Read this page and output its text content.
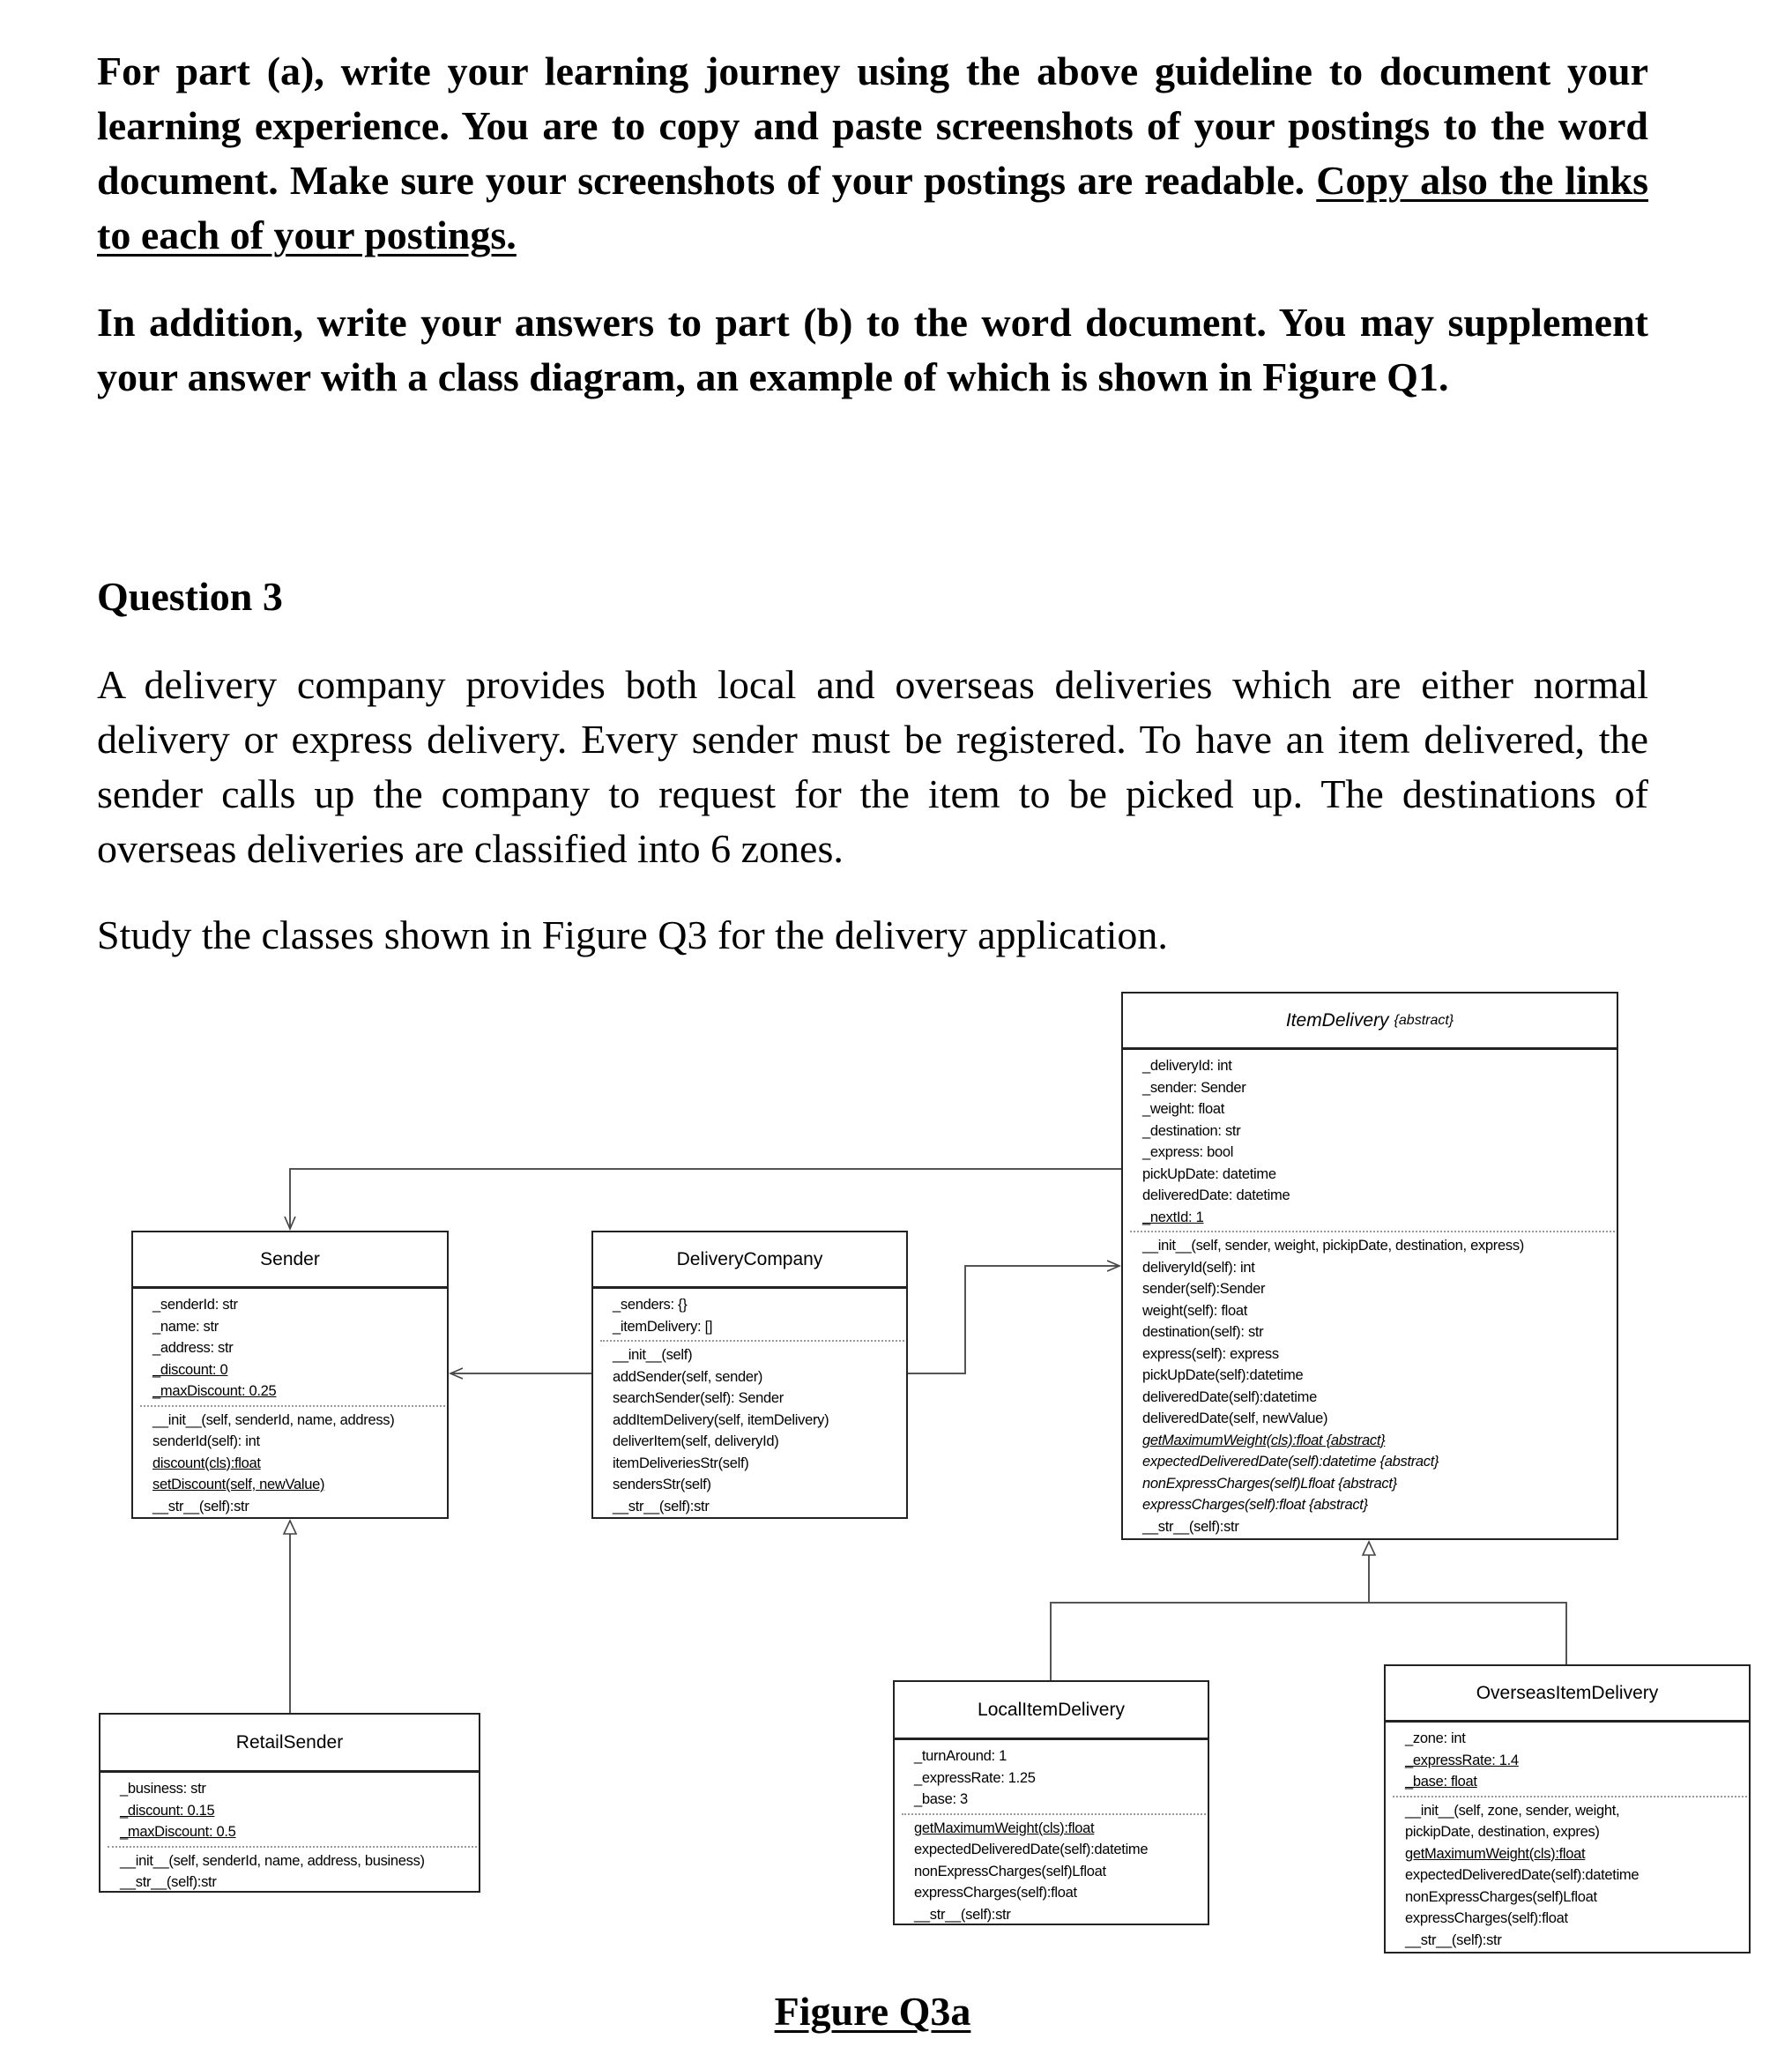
For part (a), write your learning journey using the above guideline to document your learning experience. You are to copy and paste screenshots of your postings to the word document. Make sure your screenshots of your postings are readable. Copy also the links to each of your postings.
In addition, write your answers to part (b) to the word document. You may supplement your answer with a class diagram, an example of which is shown in Figure Q1.
Question 3
A delivery company provides both local and overseas deliveries which are either normal delivery or express delivery. Every sender must be registered. To have an item delivered, the sender calls up the company to request for the item to be picked up. The destinations of overseas deliveries are classified into 6 zones.
Study the classes shown in Figure Q3 for the delivery application.
Sender
_senderId: str
_name: str
_address: str
_discount: 0
_maxDiscount: 0.25
__init__(self, senderId, name, address)
senderId(self): int
discount(cls):float
setDiscount(self, newValue)
__str__(self):str
DeliveryCompany
_senders: {}
_itemDelivery: []
__init__(self)
addSender(self, sender)
searchSender(self): Sender
addItemDelivery(self, itemDelivery)
deliverItem(self, deliveryId)
itemDeliveriesStr(self)
sendersStr(self)
__str__(self):str
ItemDelivery {abstract}
_deliveryId: int
_sender: Sender
_weight: float
_destination: str
_express: bool
pickUpDate: datetime
deliveredDate: datetime
_nextId: 1
__init__(self, sender, weight, pickipDate, destination, express)
deliveryId(self): int
sender(self):Sender
weight(self): float
destination(self): str
express(self): express
pickUpDate(self):datetime
deliveredDate(self):datetime
deliveredDate(self, newValue)
getMaximumWeight(cls):float {abstract}
expectedDeliveredDate(self):datetime {abstract}
nonExpressCharges(self)Lfloat {abstract}
expressCharges(self):float {abstract}
__str__(self):str
RetailSender
_business: str
_discount: 0.15
_maxDiscount: 0.5
__init__(self, senderId, name, address, business)
__str__(self):str
LocalItemDelivery
_turnAround: 1
_expressRate: 1.25
_base: 3
getMaximumWeight(cls):float
expectedDeliveredDate(self):datetime
nonExpressCharges(self)Lfloat
expressCharges(self):float
__str__(self):str
OverseasItemDelivery
_zone: int
_expressRate: 1.4
_base: float
__init__(self, zone, sender, weight,
pickipDate, destination, expres)
getMaximumWeight(cls):float
expectedDeliveredDate(self):datetime
nonExpressCharges(self)Lfloat
expressCharges(self):float
__str__(self):str
Figure Q3a
